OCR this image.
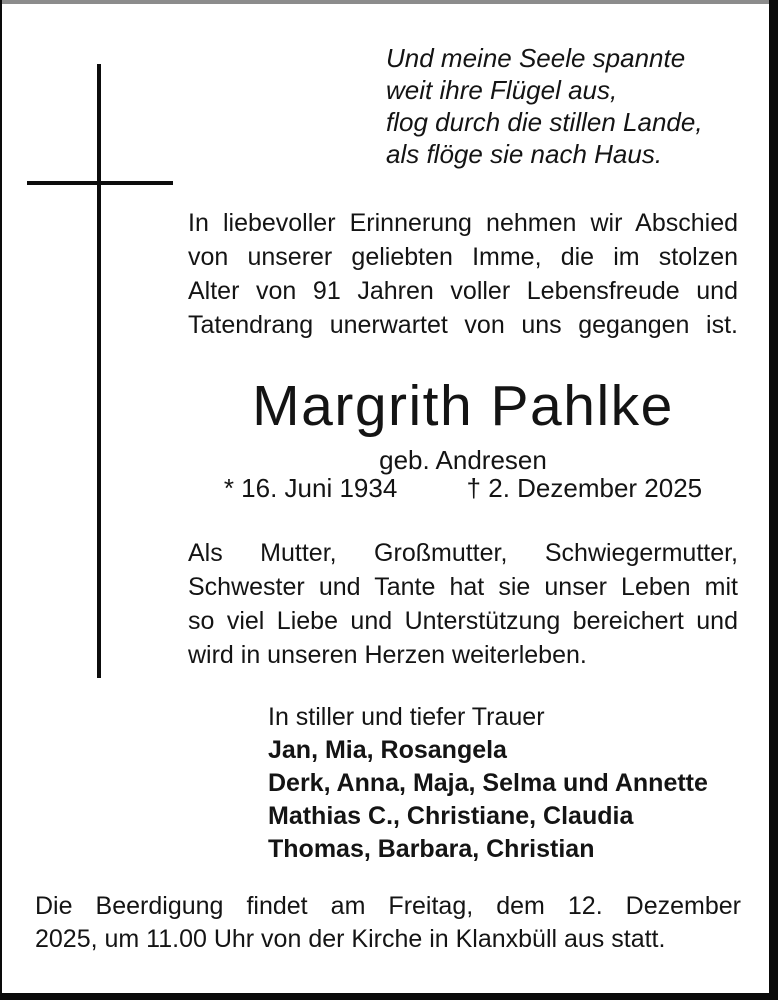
Und meine Seele spannte
weit ihre Flügel aus,
flog durch die stillen Lande,
als flöge sie nach Haus.
In liebevoller Erinnerung nehmen wir Abschied
von unserer geliebten Imme, die im stolzen
Alter von 91 Jahren voller Lebensfreude und
Tatendrang unerwartet von uns gegangen ist.
Margrith Pahlke
geb. Andresen
* 16. Juni 1934	† 2. Dezember 2025
Als Mutter, Großmutter, Schwiegermutter,
Schwester und Tante hat sie unser Leben mit
so viel Liebe und Unterstützung bereichert und
wird in unseren Herzen weiterleben.
In stiller und tiefer Trauer
Jan, Mia, Rosangela
Derk, Anna, Maja, Selma und Annette
Mathias C., Christiane, Claudia
Thomas, Barbara, Christian
Die Beerdigung findet am Freitag, dem 12. Dezember
2025, um 11.00 Uhr von der Kirche in Klanxbüll aus statt.
